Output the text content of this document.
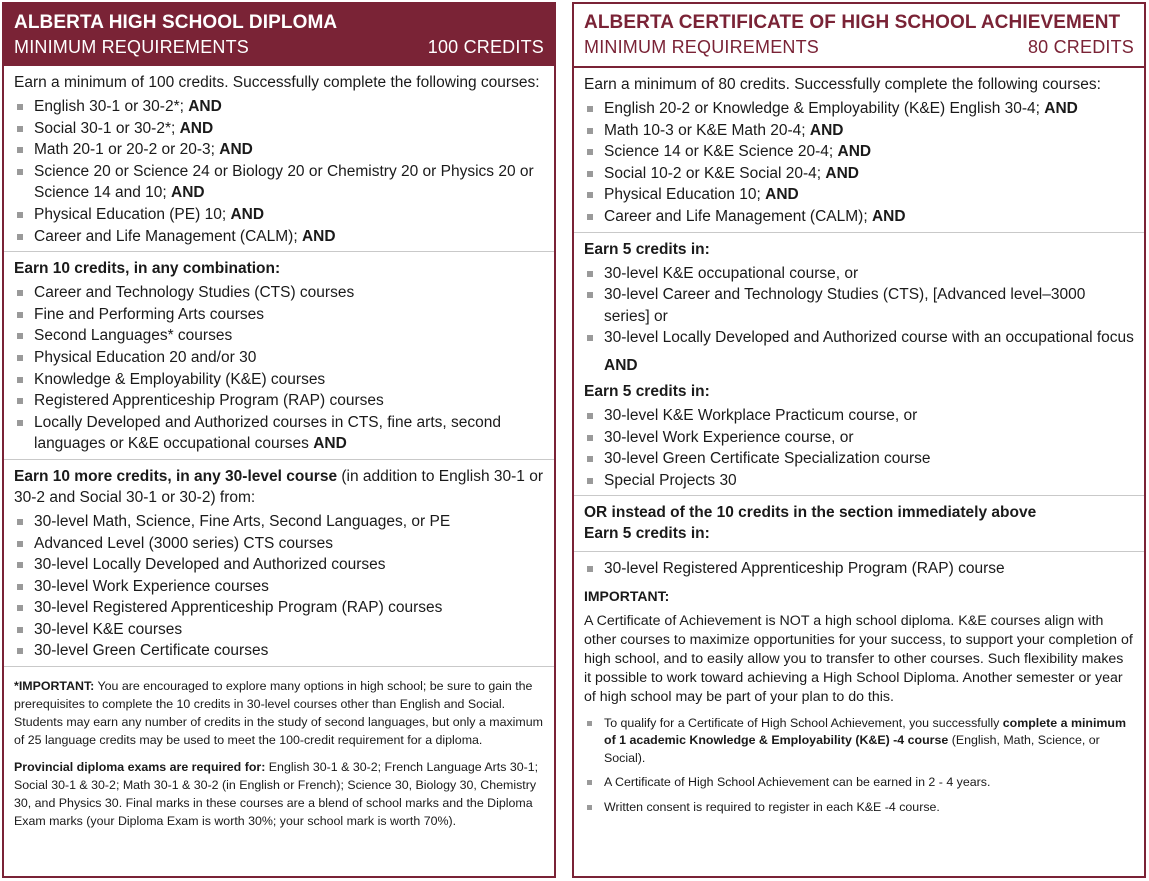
ALBERTA HIGH SCHOOL DIPLOMA
MINIMUM REQUIREMENTS	100 CREDITS
Earn a minimum of 100 credits. Successfully complete the following courses:
English 30-1 or 30-2*; AND
Social 30-1 or 30-2*; AND
Math 20-1 or 20-2 or 20-3; AND
Science 20 or Science 24 or Biology 20 or Chemistry 20 or Physics 20 or Science 14 and 10; AND
Physical Education (PE) 10; AND
Career and Life Management (CALM); AND
Earn 10 credits, in any combination:
Career and Technology Studies (CTS) courses
Fine and Performing Arts courses
Second Languages* courses
Physical Education 20 and/or 30
Knowledge & Employability (K&E) courses
Registered Apprenticeship Program (RAP) courses
Locally Developed and Authorized courses in CTS, fine arts, second languages or K&E occupational courses AND
Earn 10 more credits, in any 30-level course (in addition to English 30-1 or 30-2 and Social 30-1 or 30-2) from:
30-level Math, Science, Fine Arts, Second Languages, or PE
Advanced Level (3000 series) CTS courses
30-level Locally Developed and Authorized courses
30-level Work Experience courses
30-level Registered Apprenticeship Program (RAP) courses
30-level K&E courses
30-level Green Certificate courses

*IMPORTANT: You are encouraged to explore many options in high school; be sure to gain the prerequisites to complete the 10 credits in 30-level courses other than English and Social. Students may earn any number of credits in the study of second languages, but only a maximum of 25 language credits may be used to meet the 100-credit requirement for a diploma.

Provincial diploma exams are required for: English 30-1 & 30-2; French Language Arts 30-1; Social 30-1 & 30-2; Math 30-1 & 30-2 (in English or French); Science 30, Biology 30, Chemistry 30, and Physics 30. Final marks in these courses are a blend of school marks and the Diploma Exam marks (your Diploma Exam is worth 30%; your school mark is worth 70%).

ALBERTA CERTIFICATE OF HIGH SCHOOL ACHIEVEMENT
MINIMUM REQUIREMENTS	80 CREDITS
Earn a minimum of 80 credits. Successfully complete the following courses:
English 20-2 or Knowledge & Employability (K&E) English 30-4; AND
Math 10-3 or K&E Math 20-4; AND
Science 14 or K&E Science 20-4; AND
Social 10-2 or K&E Social 20-4; AND
Physical Education 10; AND
Career and Life Management (CALM); AND
Earn 5 credits in:
30-level K&E occupational course, or
30-level Career and Technology Studies (CTS), [Advanced level–3000 series] or
30-level Locally Developed and Authorized course with an occupational focus
AND
Earn 5 credits in:
30-level K&E Workplace Practicum course, or
30-level Work Experience course, or
30-level Green Certificate Specialization course
Special Projects 30
OR instead of the 10 credits in the section immediately above
Earn 5 credits in:
30-level Registered Apprenticeship Program (RAP) course
IMPORTANT:
A Certificate of Achievement is NOT a high school diploma. K&E courses align with other courses to maximize opportunities for your success, to support your completion of high school, and to easily allow you to transfer to other courses. Such flexibility makes it possible to work toward achieving a High School Diploma. Another semester or year of high school may be part of your plan to do this.
To qualify for a Certificate of High School Achievement, you successfully complete a minimum of 1 academic Knowledge & Employability (K&E) -4 course (English, Math, Science, or Social).
A Certificate of High School Achievement can be earned in 2 - 4 years.
Written consent is required to register in each K&E -4 course.
